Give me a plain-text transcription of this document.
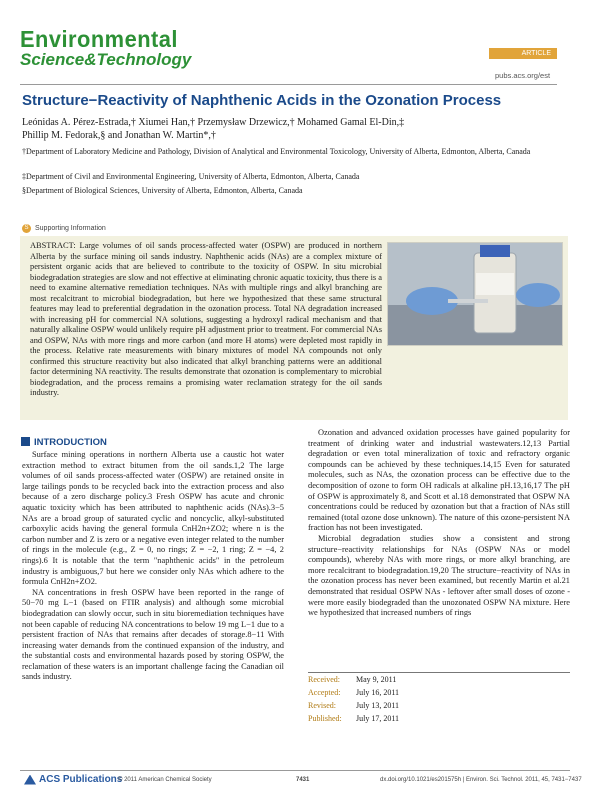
Environmental
Science&Technology	ARTICLE
pubs.acs.org/est
Structure−Reactivity of Naphthenic Acids in the Ozonation Process
Leónidas A. Pérez-Estrada,† Xiumei Han,† Przemysław Drzewicz,† Mohamed Gamal El-Din,‡
Phillip M. Fedorak,§ and Jonathan W. Martin*,†
†Department of Laboratory Medicine and Pathology, Division of Analytical and Environmental Toxicology, University of Alberta, Edmonton, Alberta, Canada
‡Department of Civil and Environmental Engineering, University of Alberta, Edmonton, Alberta, Canada
§Department of Biological Sciences, University of Alberta, Edmonton, Alberta, Canada
S Supporting Information
ABSTRACT: Large volumes of oil sands process-affected water (OSPW) are produced in northern Alberta by the surface mining oil sands industry. Naphthenic acids (NAs) are a complex mixture of persistent organic acids that are believed to contribute to the toxicity of OSPW. In situ microbial biodegradation strategies are slow and not effective at eliminating chronic aquatic toxicity, thus there is a need to examine alternative remediation techniques. NAs with multiple rings and alkyl branching are most recalcitrant to microbial biodegradation, but here we hypothesized that these same structural features may lead to preferential degradation in the ozonation process. Total NA degradation increased with increasing pH for commercial NA solutions, suggesting a hydroxyl radical mechanism and that naturally alkaline OSPW would unlikely require pH adjustment prior to treatment. For commercial NAs and OSPW, NAs with more rings and more carbon (and more H atoms) were depleted most rapidly in the process. Relative rate measurements with binary mixtures of model NA compounds not only confirmed this structure reactivity but also indicated that alkyl branching patterns were an additional factor determining NA reactivity. The results demonstrate that ozonation is complementary to microbial biodegradation, and the process remains a promising water reclamation strategy for the oil sands industry.
INTRODUCTION

Surface mining operations in northern Alberta use a caustic hot water extraction method to extract bitumen from the oil sands.1,2 The large volumes of oil sands process-affected water (OSPW) are retained onsite in large tailings ponds to be recycled back into the extraction process and also because of a zero discharge policy.3 Fresh OSPW has acute and chronic aquatic toxicity which has been attributed to naphthenic acids (NAs).3−5 NAs are a broad group of saturated cyclic and noncyclic, alkyl-substituted carboxylic acids having the general formula CnH2n+ZO2; where n is the carbon number and Z is zero or a negative even integer related to the number of rings in the molecule (e.g., Z = 0, no rings; Z = −2, 1 ring; Z = −4, 2 rings).6 It is notable that the term "naphthenic acids" in the petroleum industry is ambiguous,7 but here we consider only NAs which adhere to the formula CnH2n+ZO2.

NA concentrations in fresh OSPW have been reported in the range of 50−70 mg L−1 (based on FTIR analysis) and although some microbial biodegradation can slowly occur, such in situ bioremediation techniques have not been capable of reducing NA concentrations to below 19 mg L−1 due to a persistent fraction of NAs that remains after decades of storage.8−11 With increasing water demands from the continued expansion of the industry, and the substantial costs and environmental hazards posed by storing OSPW, the reclamation of these waters is an important challenge facing the Canadian oil sands industry.

Ozonation and advanced oxidation processes have gained popularity for treatment of drinking water and industrial wastewaters.12,13 Partial degradation or even total mineralization of toxic and refractory organic compounds can be achieved by these techniques.14,15 Even for saturated molecules, such as NAs, the ozonation process can be effective due to the decomposition of ozone to form OH radicals at alkaline pH.13,16,17 The pH of OSPW is approximately 8, and Scott et al.18 demonstrated that OSPW NA concentrations could be reduced by ozonation but that a fraction of NAs still remained (total ozone dose unknown). The nature of this ozone-persistent NA fraction has not been investigated.

Microbial degradation studies show a consistent and strong structure−reactivity relationships for NAs (OSPW NAs or model compounds), whereby NAs with more rings, or more alkyl branching, are more recalcitrant to biodegradation.19,20 The structure−reactivity of NAs in the ozonation process has never been examined, but recently Martin et al.21 demonstrated that residual OSPW NAs - leftover after small doses of ozone - were more easily biodegraded than the unozonated OSPW NA mixture. Here we hypothesized that increased numbers of rings

Received:	May 9, 2011
Accepted:	July 16, 2011
Revised:	July 13, 2011
Published:	July 17, 2011
ACS Publications
© 2011 American Chemical Society	7431	dx.doi.org/10.1021/es201575h | Environ. Sci. Technol. 2011, 45, 7431−7437
